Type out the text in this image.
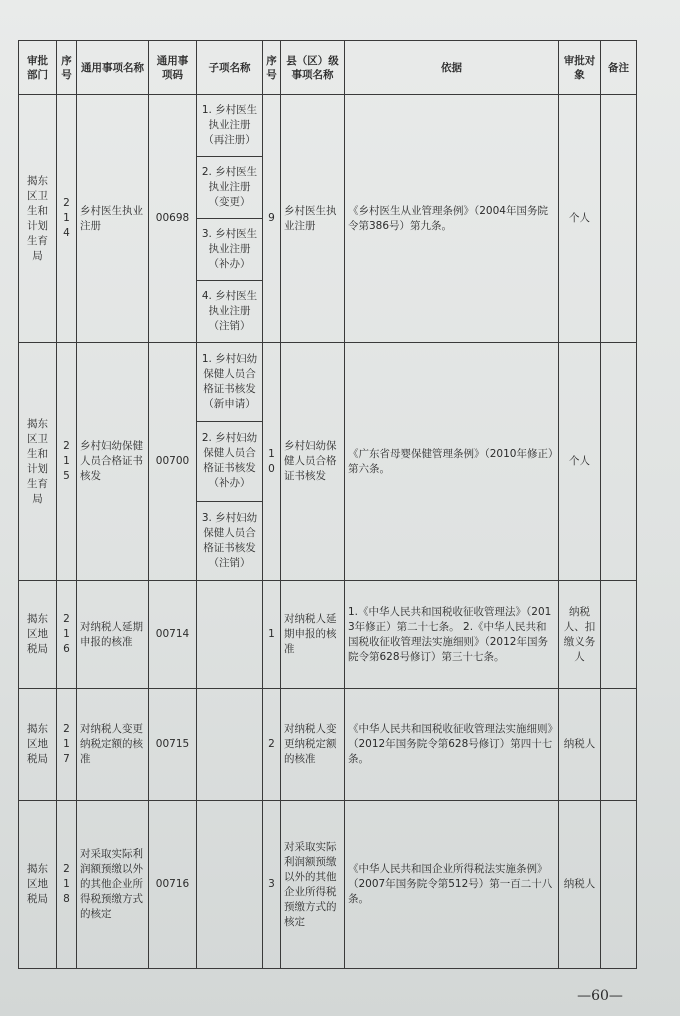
审批部门	序号	通用事项名称	通用事项码	子项名称	序号	县（区）级事项名称	依据	审批对象	备注
揭东区卫生和计划生育局	214	乡村医生执业注册	00698	1. 乡村医生执业注册（再注册）
2. 乡村医生执业注册（变更）
3. 乡村医生执业注册（补办）
4. 乡村医生执业注册（注销）	9	乡村医生执业注册	《乡村医生从业管理条例》（2004年国务院令第386号）第九条。	个人	
揭东区卫生和计划生育局	215	乡村妇幼保健人员合格证书核发	00700	1. 乡村妇幼保健人员合格证书核发（新申请）
2. 乡村妇幼保健人员合格证书核发（补办）
3. 乡村妇幼保健人员合格证书核发（注销）	10	乡村妇幼保健人员合格证书核发	《广东省母婴保健管理条例》（2010年修正）第六条。	个人	
揭东区地税局	216	对纳税人延期申报的核准	00714		1	对纳税人延期申报的核准	1.《中华人民共和国税收征收管理法》（2013年修正）第二十七条。 2.《中华人民共和国税收征收管理法实施细则》（2012年国务院令第628号修订）第三十七条。	纳税人、扣缴义务人	
揭东区地税局	217	对纳税人变更纳税定额的核准	00715		2	对纳税人变更纳税定额的核准	《中华人民共和国税收征收管理法实施细则》（2012年国务院令第628号修订）第四十七条。	纳税人	
揭东区地税局	218	对采取实际利润额预缴以外的其他企业所得税预缴方式的核定	00716		3	对采取实际利润额预缴以外的其他企业所得税预缴方式的核定	《中华人民共和国企业所得税法实施条例》（2007年国务院令第512号）第一百二十八条。	纳税人	
—60—
